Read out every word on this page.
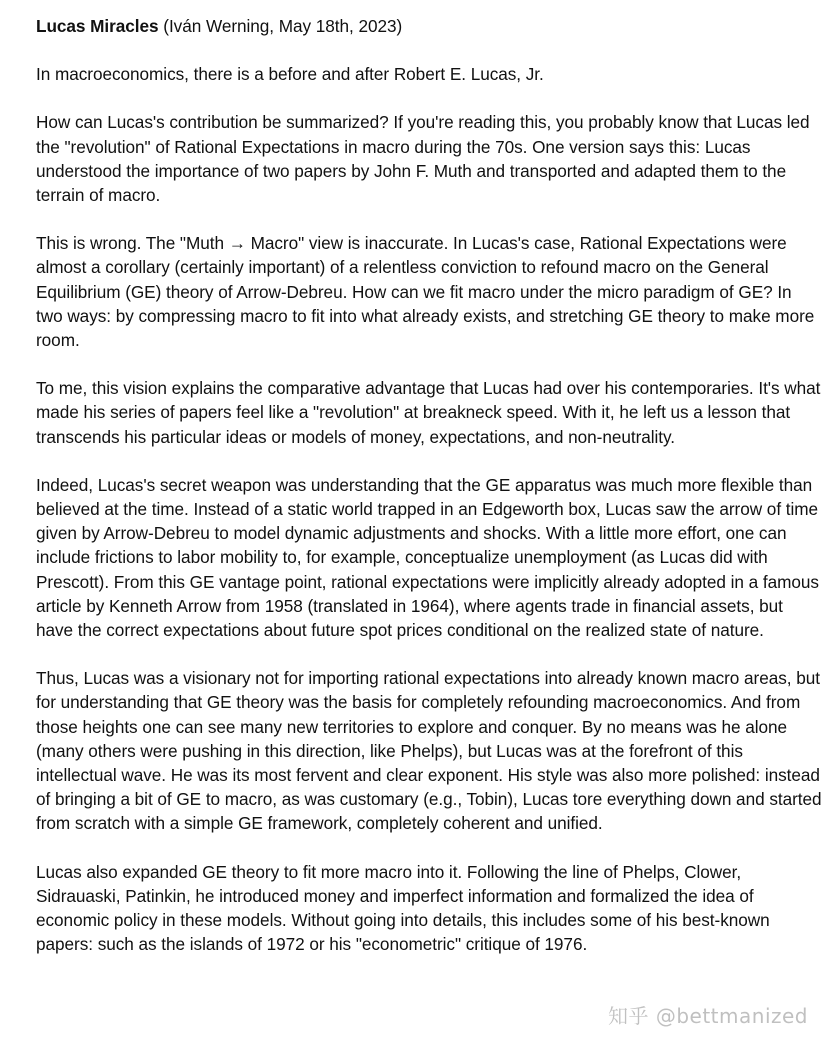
Lucas Miracles (Iván Werning, May 18th, 2023)

In macroeconomics, there is a before and after Robert E. Lucas, Jr.

How can Lucas's contribution be summarized? If you're reading this, you probably know that Lucas led the "revolution" of Rational Expectations in macro during the 70s. One version says this: Lucas understood the importance of two papers by John F. Muth and transported and adapted them to the terrain of macro.

This is wrong. The "Muth → Macro" view is inaccurate. In Lucas's case, Rational Expectations were almost a corollary (certainly important) of a relentless conviction to refound macro on the General Equilibrium (GE) theory of Arrow-Debreu. How can we fit macro under the micro paradigm of GE? In two ways: by compressing macro to fit into what already exists, and stretching GE theory to make more room.

To me, this vision explains the comparative advantage that Lucas had over his contemporaries. It's what made his series of papers feel like a "revolution" at breakneck speed. With it, he left us a lesson that transcends his particular ideas or models of money, expectations, and non-neutrality.

Indeed, Lucas's secret weapon was understanding that the GE apparatus was much more flexible than believed at the time. Instead of a static world trapped in an Edgeworth box, Lucas saw the arrow of time given by Arrow-Debreu to model dynamic adjustments and shocks. With a little more effort, one can include frictions to labor mobility to, for example, conceptualize unemployment (as Lucas did with Prescott). From this GE vantage point, rational expectations were implicitly already adopted in a famous article by Kenneth Arrow from 1958 (translated in 1964), where agents trade in financial assets, but have the correct expectations about future spot prices conditional on the realized state of nature.

Thus, Lucas was a visionary not for importing rational expectations into already known macro areas, but for understanding that GE theory was the basis for completely refounding macroeconomics. And from those heights one can see many new territories to explore and conquer. By no means was he alone (many others were pushing in this direction, like Phelps), but Lucas was at the forefront of this intellectual wave. He was its most fervent and clear exponent. His style was also more polished: instead of bringing a bit of GE to macro, as was customary (e.g., Tobin), Lucas tore everything down and started from scratch with a simple GE framework, completely coherent and unified.

Lucas also expanded GE theory to fit more macro into it. Following the line of Phelps, Clower, Sidrauaski, Patinkin, he introduced money and imperfect information and formalized the idea of economic policy in these models. Without going into details, this includes some of his best-known papers: such as the islands of 1972 or his "econometric" critique of 1976.

知乎 @bettmanized
